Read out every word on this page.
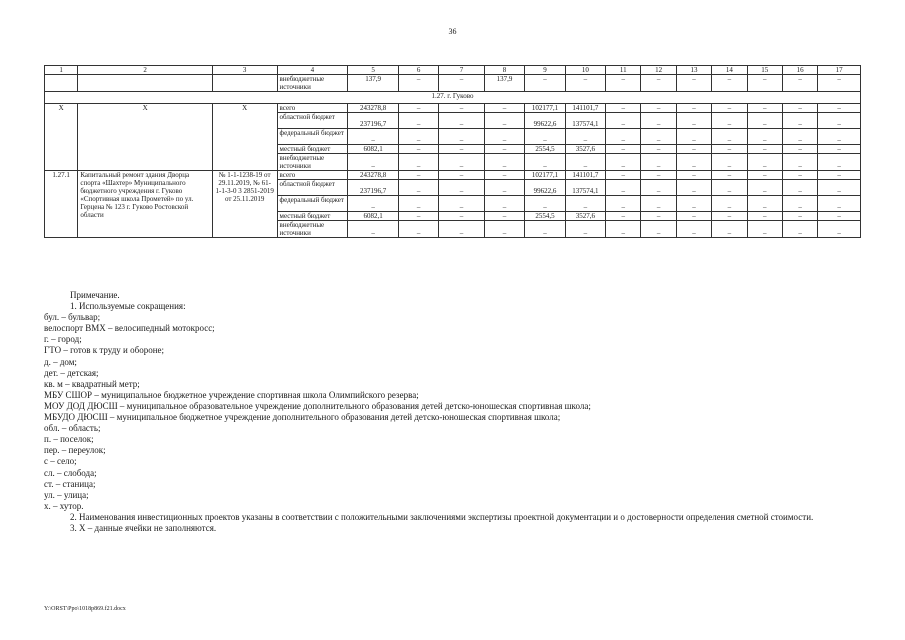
36
1	2	3	4	5	6	7	8	9	10	11	12	13	14	15	16	17
			внебюджетные источники	137,9	–	–	137,9	–	–	–	–	–	–	–	–	–
1.27. г. Гуково																
Х	Х	Х	всего	243278,8	–	–	–	102177,1	141101,7	–	–	–	–	–	–	–
			областной бюджет	237196,7	–	–	–	99622,6	137574,1	–	–	–	–	–	–	–
			федеральный бюджет	–	–	–	–	–	–	–	–	–	–	–	–	–
			местный бюджет	6082,1	–	–	–	2554,5	3527,6	–	–	–	–	–	–	–
			внебюджетные источники	–	–	–	–	–	–	–	–	–	–	–	–	–
1.27.1	Капитальный ремонт здания Дворца спорта «Шахтер» Муниципального бюджетного учреждения г. Гуково «Спортивная школа Прометей» по ул. Герцена № 123 г. Гуково Ростовской области	№ 1-1-1238-19 от 29.11.2019, № 61- 1-1-3-0 3 2851-2019 от 25.11.2019	всего	243278,8	–	–	–	102177,1	141101,7	–	–	–	–	–	–	–
			областной бюджет	237196,7	–	–	–	99622,6	137574,1	–	–	–	–	–	–	–
			федеральный бюджет	–	–	–	–	–	–	–	–	–	–	–	–	–
			местный бюджет	6082,1	–	–	–	2554,5	3527,6	–	–	–	–	–	–	–
			внебюджетные источники	–	–	–	–	–	–	–	–	–	–	–	–	–

Примечание.

1. Используемые сокращения:

бул. – бульвар;

велоспорт ВМХ – велосипедный мотокросс;

г. – город;

ГТО – готов к труду и обороне;

д. – дом;

дет. – детская;

кв. м – квадратный метр;

МБУ СШОР – муниципальное бюджетное учреждение спортивная школа Олимпийского резерва;

МОУ ДОД ДЮСШ – муниципальное образовательное учреждение дополнительного образования детей детско-юношеская спортивная школа;

МБУДО ДЮСШ – муниципальное бюджетное учреждение дополнительного образования детей детско-юношеская спортивная школа;

обл. – область;

п. – поселок;

пер. – переулок;

с – село;

сл. – слобода;

ст. – станица;

ул. – улица;

х. – хутор.

2. Наименования инвестиционных проектов указаны в соответствии с положительными заключениями экспертизы проектной документации и о достоверности определения сметной стоимости.

3. Х – данные ячейки не заполняются.

Y:\ORST\Ppo\1018p869.f21.docx
